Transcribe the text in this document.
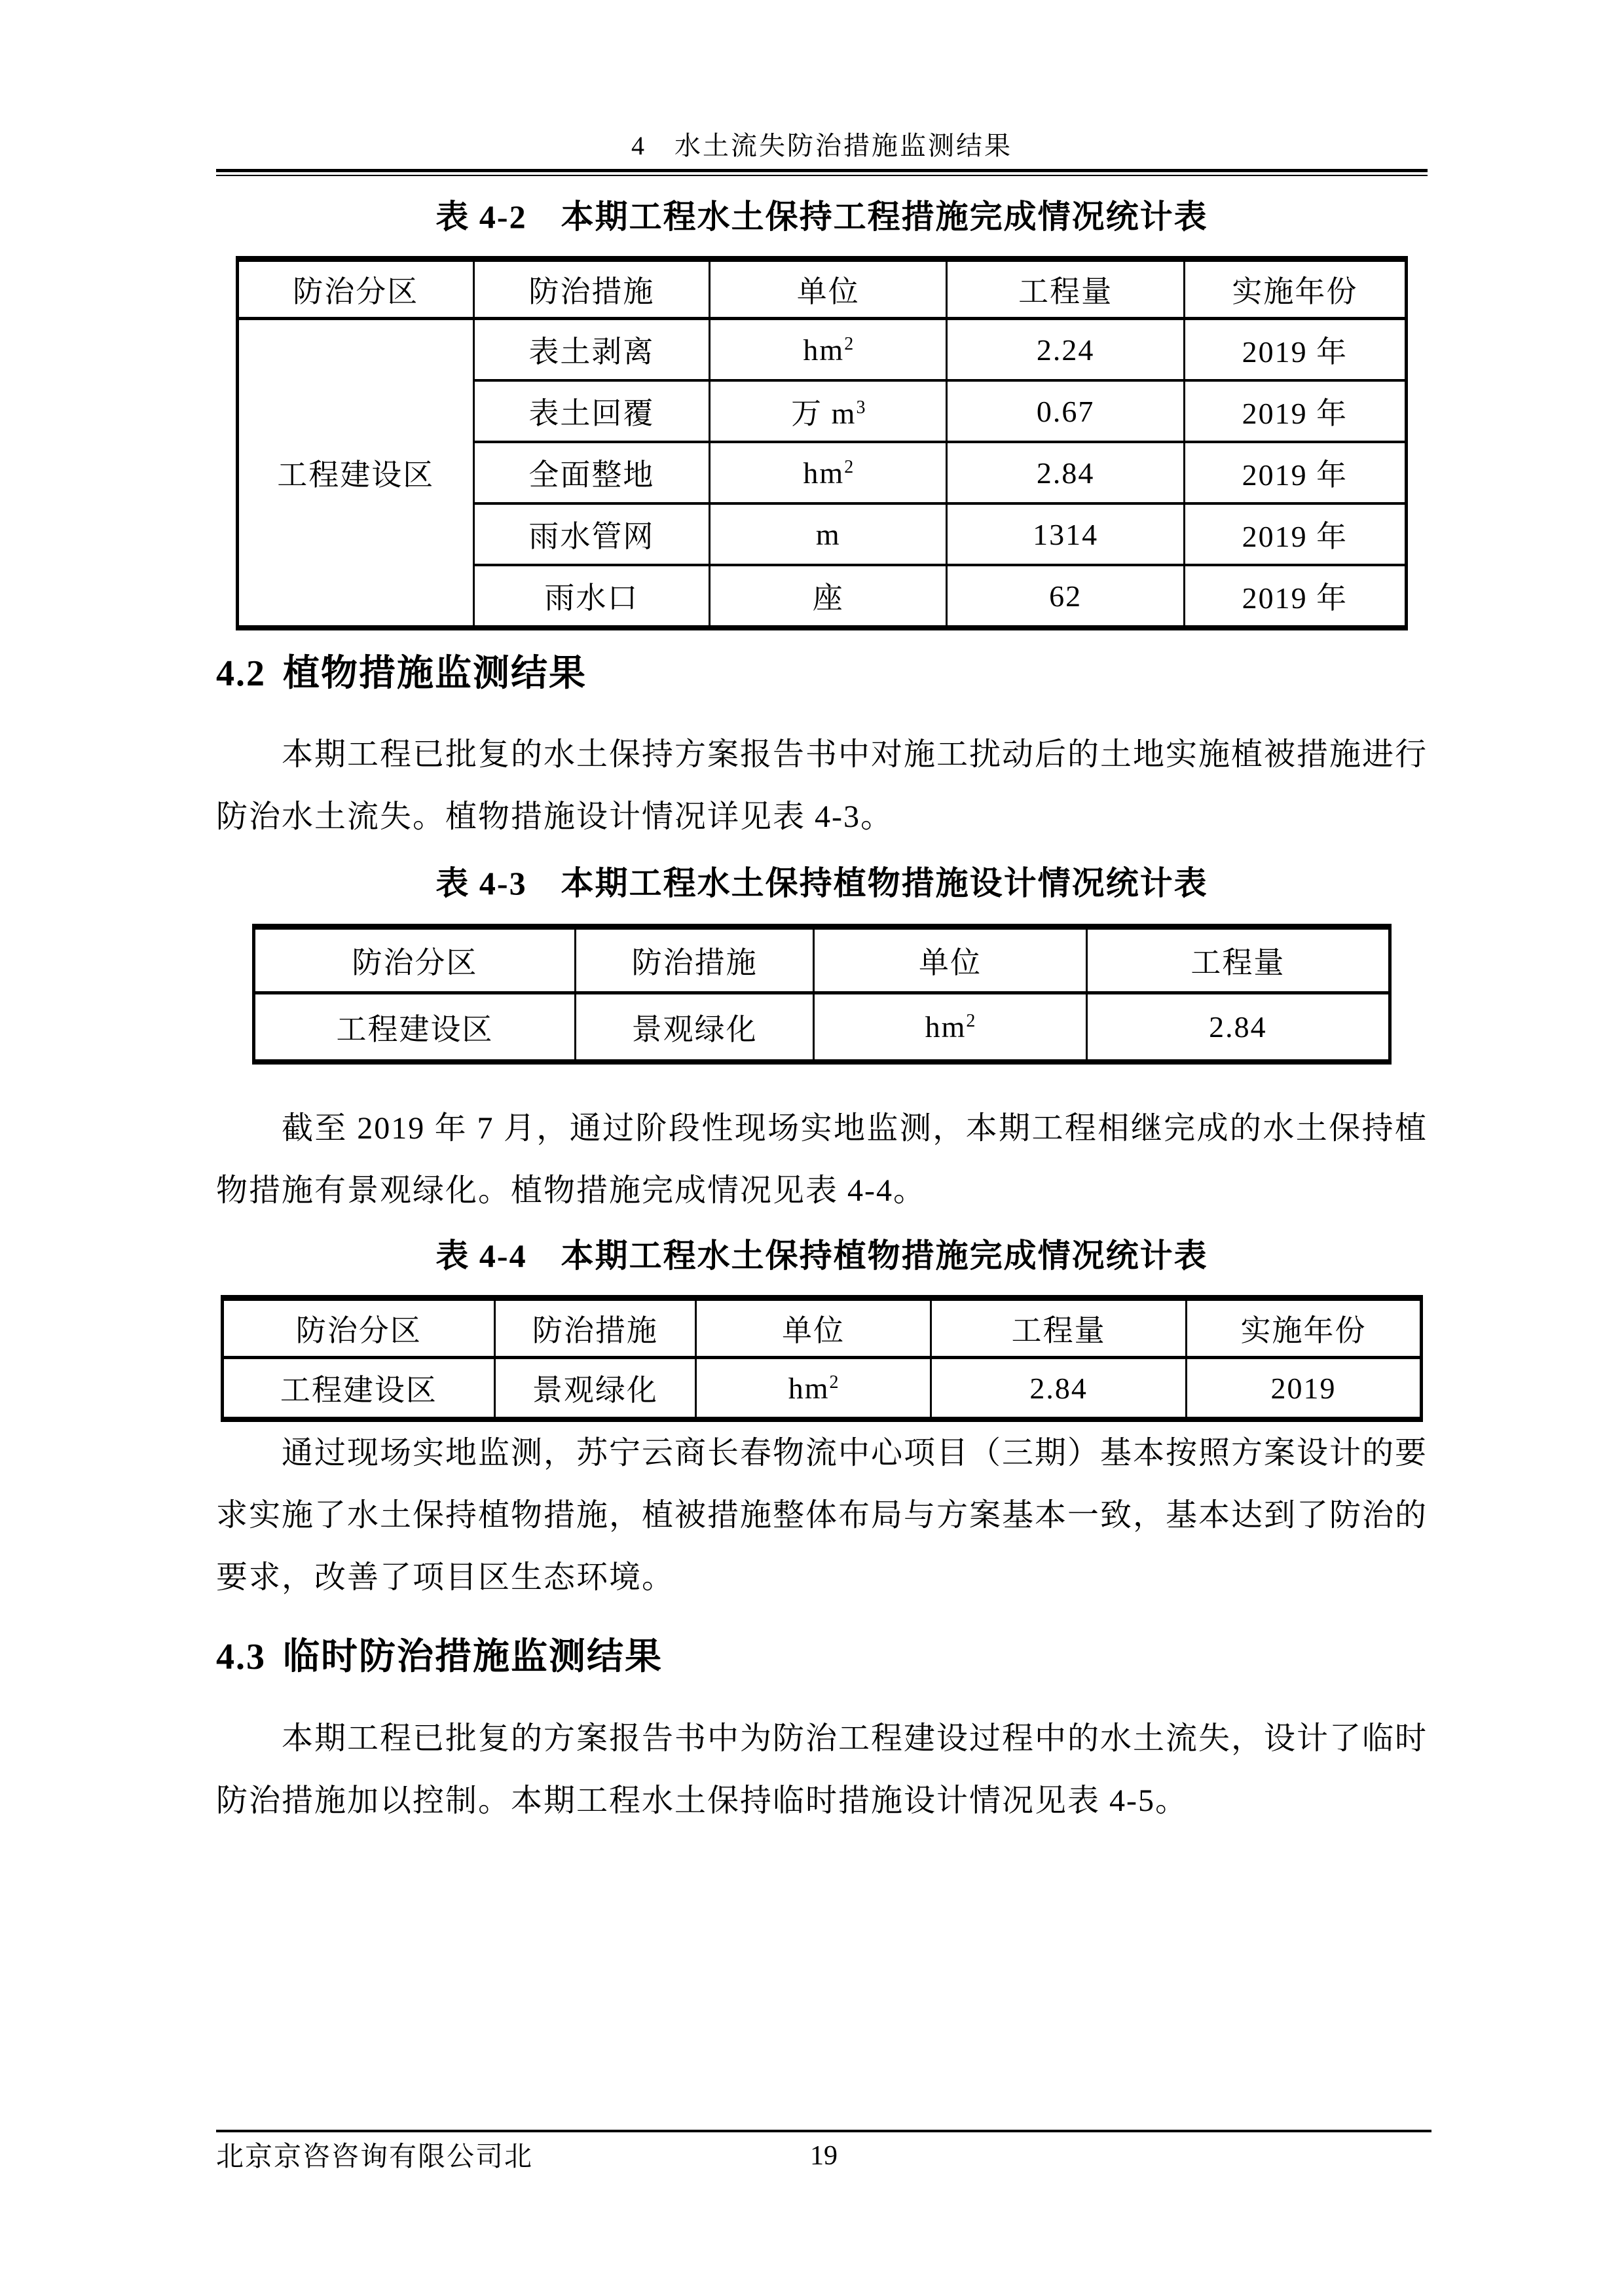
4　水土流失防治措施监测结果
表 4-2　本期工程水土保持工程措施完成情况统计表
防治分区	防治措施	单位	工程量	实施年份
工程建设区	表土剥离	$hm^2$	2.24	2019 年
	表土回覆	万 $m^3$	0.67	2019 年
	全面整地	$hm^2$	2.84	2019 年
	雨水管网	m	1314	2019 年
	雨水口	座	62	2019 年
4.2 植物措施监测结果

本期工程已批复的水土保持方案报告书中对施工扰动后的土地实施植被措施进行防治水土流失。植物措施设计情况详见表 4-3。

表 4-3　本期工程水土保持植物措施设计情况统计表
防治分区	防治措施	单位	工程量
工程建设区	景观绿化	$hm^2$	2.84

截至 2019 年 7 月，通过阶段性现场实地监测，本期工程相继完成的水土保持植物措施有景观绿化。植物措施完成情况见表 4-4。

表 4-4　本期工程水土保持植物措施完成情况统计表
防治分区	防治措施	单位	工程量	实施年份
工程建设区	景观绿化	$hm^2$	2.84	2019

通过现场实地监测，苏宁云商长春物流中心项目（三期）基本按照方案设计的要求实施了水土保持植物措施，植被措施整体布局与方案基本一致，基本达到了防治的要求，改善了项目区生态环境。

4.3 临时防治措施监测结果

本期工程已批复的方案报告书中为防治工程建设过程中的水土流失，设计了临时防治措施加以控制。本期工程水土保持临时措施设计情况见表 4-5。

北京京咨咨询有限公司北	19
